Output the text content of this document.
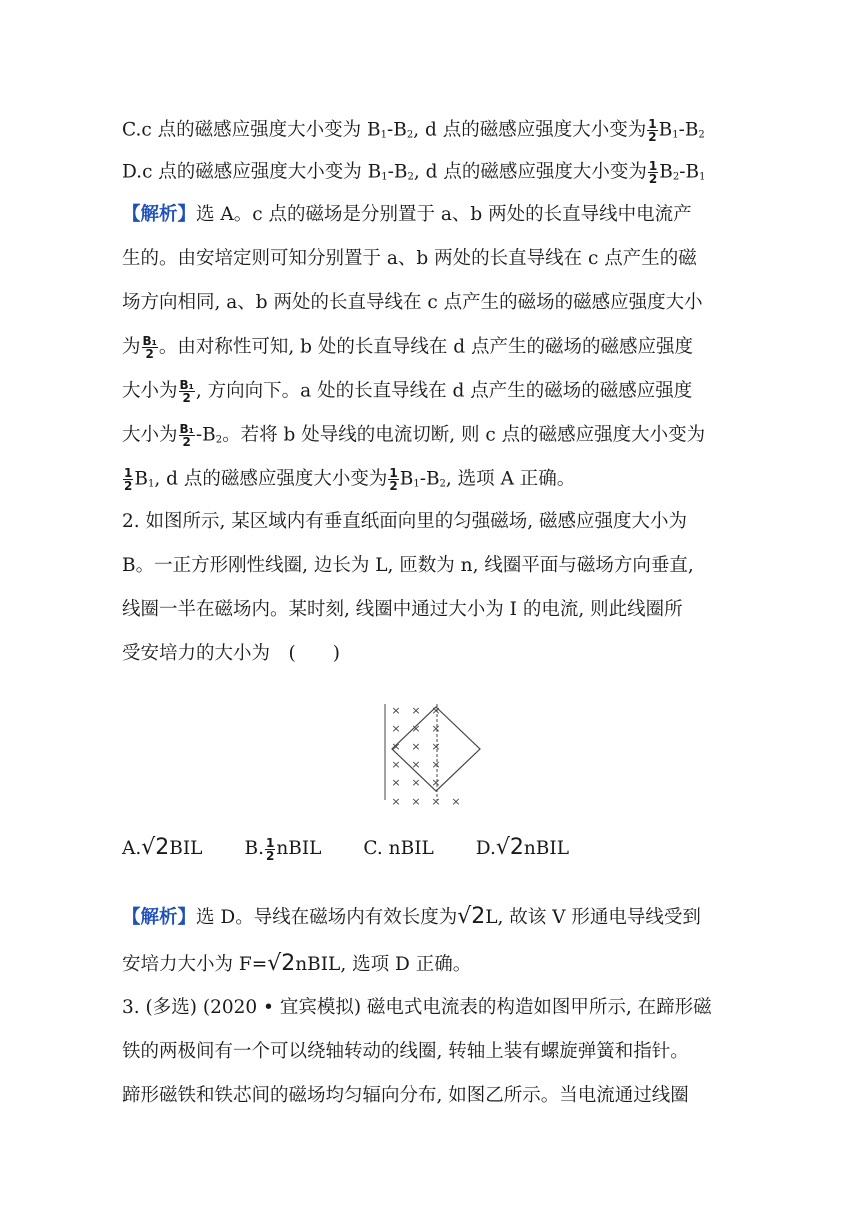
C.c 点的磁感应强度大小变为 $B_1-B_2$, d 点的磁感应强度大小变为 $\frac{1}{2} B_1-B_2$
D.c 点的磁感应强度大小变为 $B_1-B_2$, d 点的磁感应强度大小变为 $\frac{1}{2} B_2-B_1$
【解析】选 A。c 点的磁场是分别置于 a、b 两处的长直导线中电流产
生的。由安培定则可知分别置于 a、b 两处的长直导线在 c 点产生的磁
场方向相同, a、b 两处的长直导线在 c 点产生的磁场的磁感应强度大小
为 $\frac{\text{B₁}}{2}$ 。由对称性可知, b 处的长直导线在 d 点产生的磁场的磁感应强度
大小为 $\frac{\text{B₁}}{2}$ , 方向向下。a 处的长直导线在 d 点产生的磁场的磁感应强度
大小为 $\frac{\text{B₁}}{2} -B_2$。若将 b 处导线的电流切断, 则 c 点的磁感应强度大小变为
$\frac{1}{2} B_1$, d 点的磁感应强度大小变为 $\frac{1}{2} B_1-B_2$, 选项 A 正确。
2. 如图所示, 某区域内有垂直纸面向里的匀强磁场, 磁感应强度大小为
B。一正方形刚性线圈, 边长为 L, 匝数为 n, 线圈平面与磁场方向垂直,
线圈一半在磁场内。某时刻, 线圈中通过大小为 I 的电流, 则此线圈所
受安培力的大小为　(　　)
A.√2BIL B. $\frac{1}{2}$ nBIL C. nBIL D.√2nBIL
【解析】选 D。导线在磁场内有效长度为√2L, 故该 V 形通电导线受到
安培力大小为 F=√2nBIL, 选项 D 正确。
3. (多选) (2020 • 宜宾模拟) 磁电式电流表的构造如图甲所示, 在蹄形磁
铁的两极间有一个可以绕轴转动的线圈, 转轴上装有螺旋弹簧和指针。
蹄形磁铁和铁芯间的磁场均匀辐向分布, 如图乙所示。当电流通过线圈
× × ×
× × ×
× × ×
× × ×
× × ×
× × × ×
